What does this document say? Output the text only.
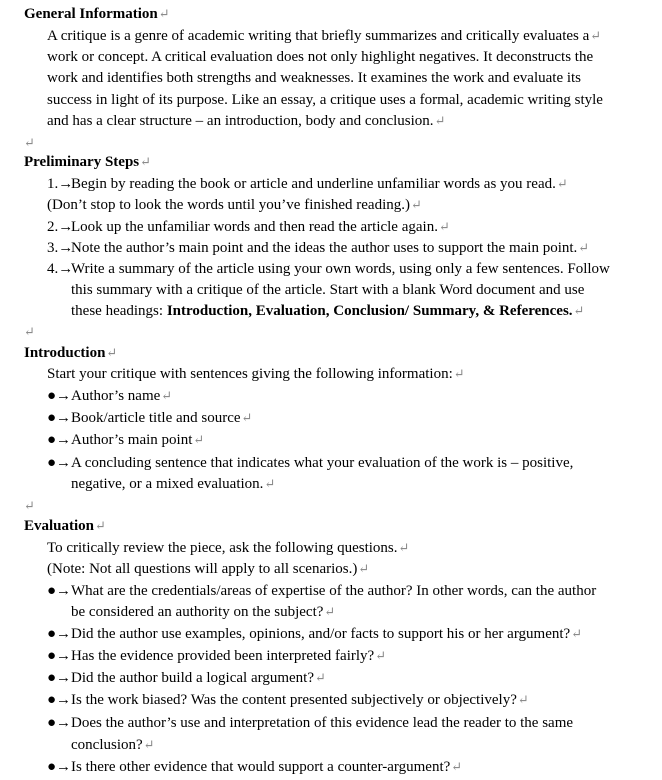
General Information↵
A critique is a genre of academic writing that briefly summarizes and critically evaluates a↵
work or concept. A critical evaluation does not only highlight negatives. It deconstructs the
work and identifies both strengths and weaknesses. It examines the work and evaluate its
success in light of its purpose. Like an essay, a critique uses a formal, academic writing style
and has a clear structure – an introduction, body and conclusion.↵
↵
Preliminary Steps↵
1.→
Begin by reading the book or article and underline unfamiliar words as you read.↵
(Don’t stop to look the words until you’ve finished reading.)↵
2.→
Look up the unfamiliar words and then read the article again.↵
3.→
Note the author’s main point and the ideas the author uses to support the main point.↵
4.→
Write a summary of the article using your own words, using only a few sentences. Follow
this summary with a critique of the article. Start with a blank Word document and use
these headings: Introduction, Evaluation, Conclusion/ Summary, & References.↵
↵
Introduction↵
Start your critique with sentences giving the following information:↵
●→ Author’s name↵
●→ Book/article title and source↵
●→ Author’s main point↵
●→ A concluding sentence that indicates what your evaluation of the work is – positive,
negative, or a mixed evaluation.↵
↵
Evaluation↵
To critically review the piece, ask the following questions.↵
(Note: Not all questions will apply to all scenarios.)↵
●→ What are the credentials/areas of expertise of the author? In other words, can the author
be considered an authority on the subject?↵
●→ Did the author use examples, opinions, and/or facts to support his or her argument?↵
●→ Has the evidence provided been interpreted fairly?↵
●→ Did the author build a logical argument?↵
●→ Is the work biased? Was the content presented subjectively or objectively?↵
●→ Does the author’s use and interpretation of this evidence lead the reader to the same
conclusion?↵
●→ Is there other evidence that would support a counter-argument?↵
